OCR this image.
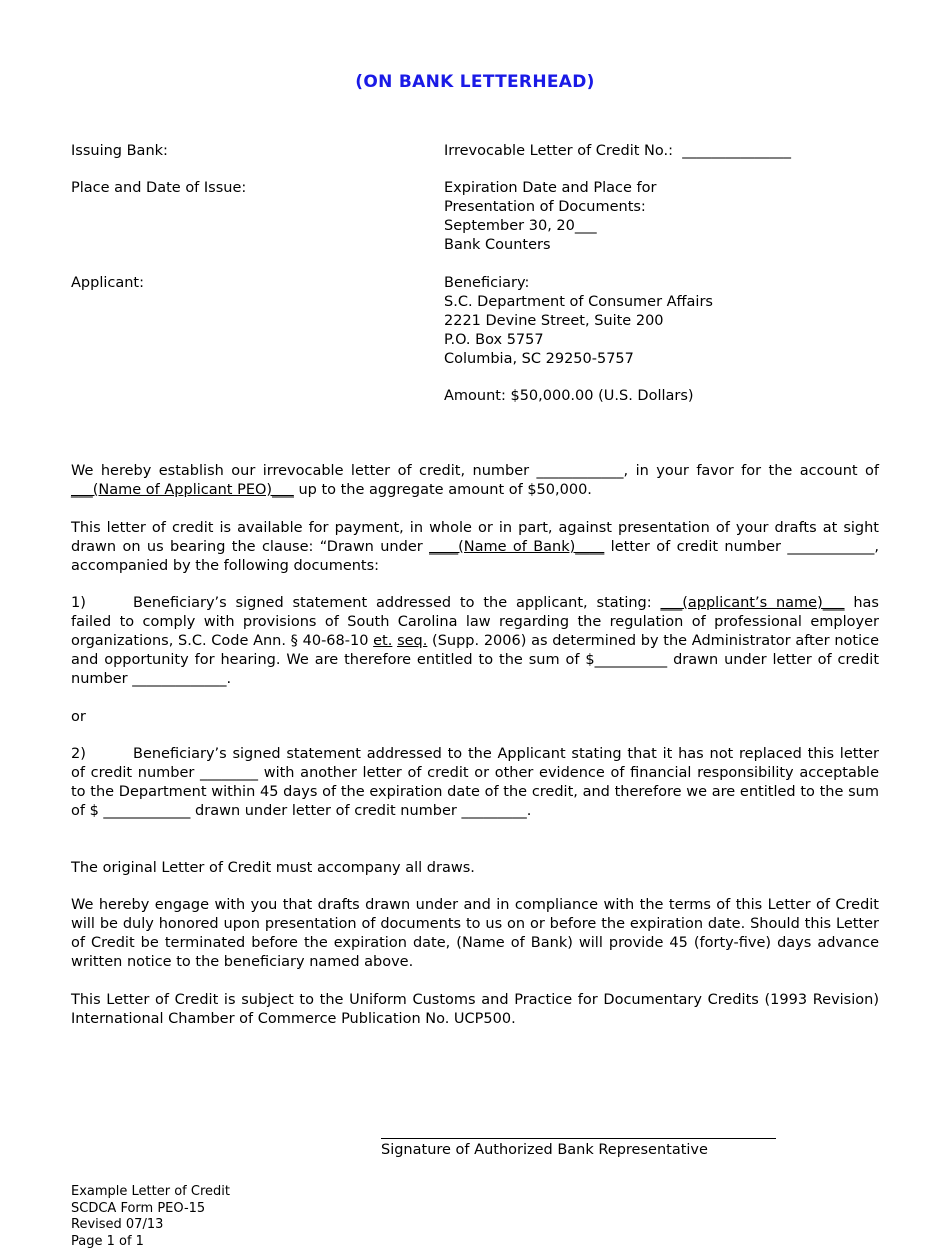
(ON BANK LETTERHEAD)
Issuing Bank:
Place and Date of Issue:
Applicant:
Irrevocable Letter of Credit No.: _______________
Expiration Date and Place for
Presentation of Documents:
September 30, 20___
Bank Counters
Beneficiary:
S.C. Department of Consumer Affairs
2221 Devine Street, Suite 200
P.O. Box 5757
Columbia, SC 29250-5757
Amount: $50,000.00 (U.S. Dollars)
We hereby establish our irrevocable letter of credit, number ____________, in your favor for the account of ___(Name of Applicant PEO)___ up to the aggregate amount of $50,000.
This letter of credit is available for payment, in whole or in part, against presentation of your drafts at sight drawn on us bearing the clause: “Drawn under ____(Name of Bank)____ letter of credit number ____________, accompanied by the following documents:
1)	Beneficiary’s signed statement addressed to the applicant, stating: ___(applicant’s name)___ has failed to comply with provisions of South Carolina law regarding the regulation of professional employer organizations, S.C. Code Ann. § 40-68-10 et. seq. (Supp. 2006) as determined by the Administrator after notice and opportunity for hearing. We are therefore entitled to the sum of $__________ drawn under letter of credit number _____________.
or
2)	Beneficiary’s signed statement addressed to the Applicant stating that it has not replaced this letter of credit number ________ with another letter of credit or other evidence of financial responsibility acceptable to the Department within 45 days of the expiration date of the credit, and therefore we are entitled to the sum of $ ____________ drawn under letter of credit number _________.
The original Letter of Credit must accompany all draws.
We hereby engage with you that drafts drawn under and in compliance with the terms of this Letter of Credit will be duly honored upon presentation of documents to us on or before the expiration date. Should this Letter of Credit be terminated before the expiration date, (Name of Bank) will provide 45 (forty-five) days advance written notice to the beneficiary named above.
This Letter of Credit is subject to the Uniform Customs and Practice for Documentary Credits (1993 Revision) International Chamber of Commerce Publication No. UCP500.
Signature of Authorized Bank Representative
Example Letter of Credit
SCDCA Form PEO-15
Revised 07/13
Page 1 of 1
